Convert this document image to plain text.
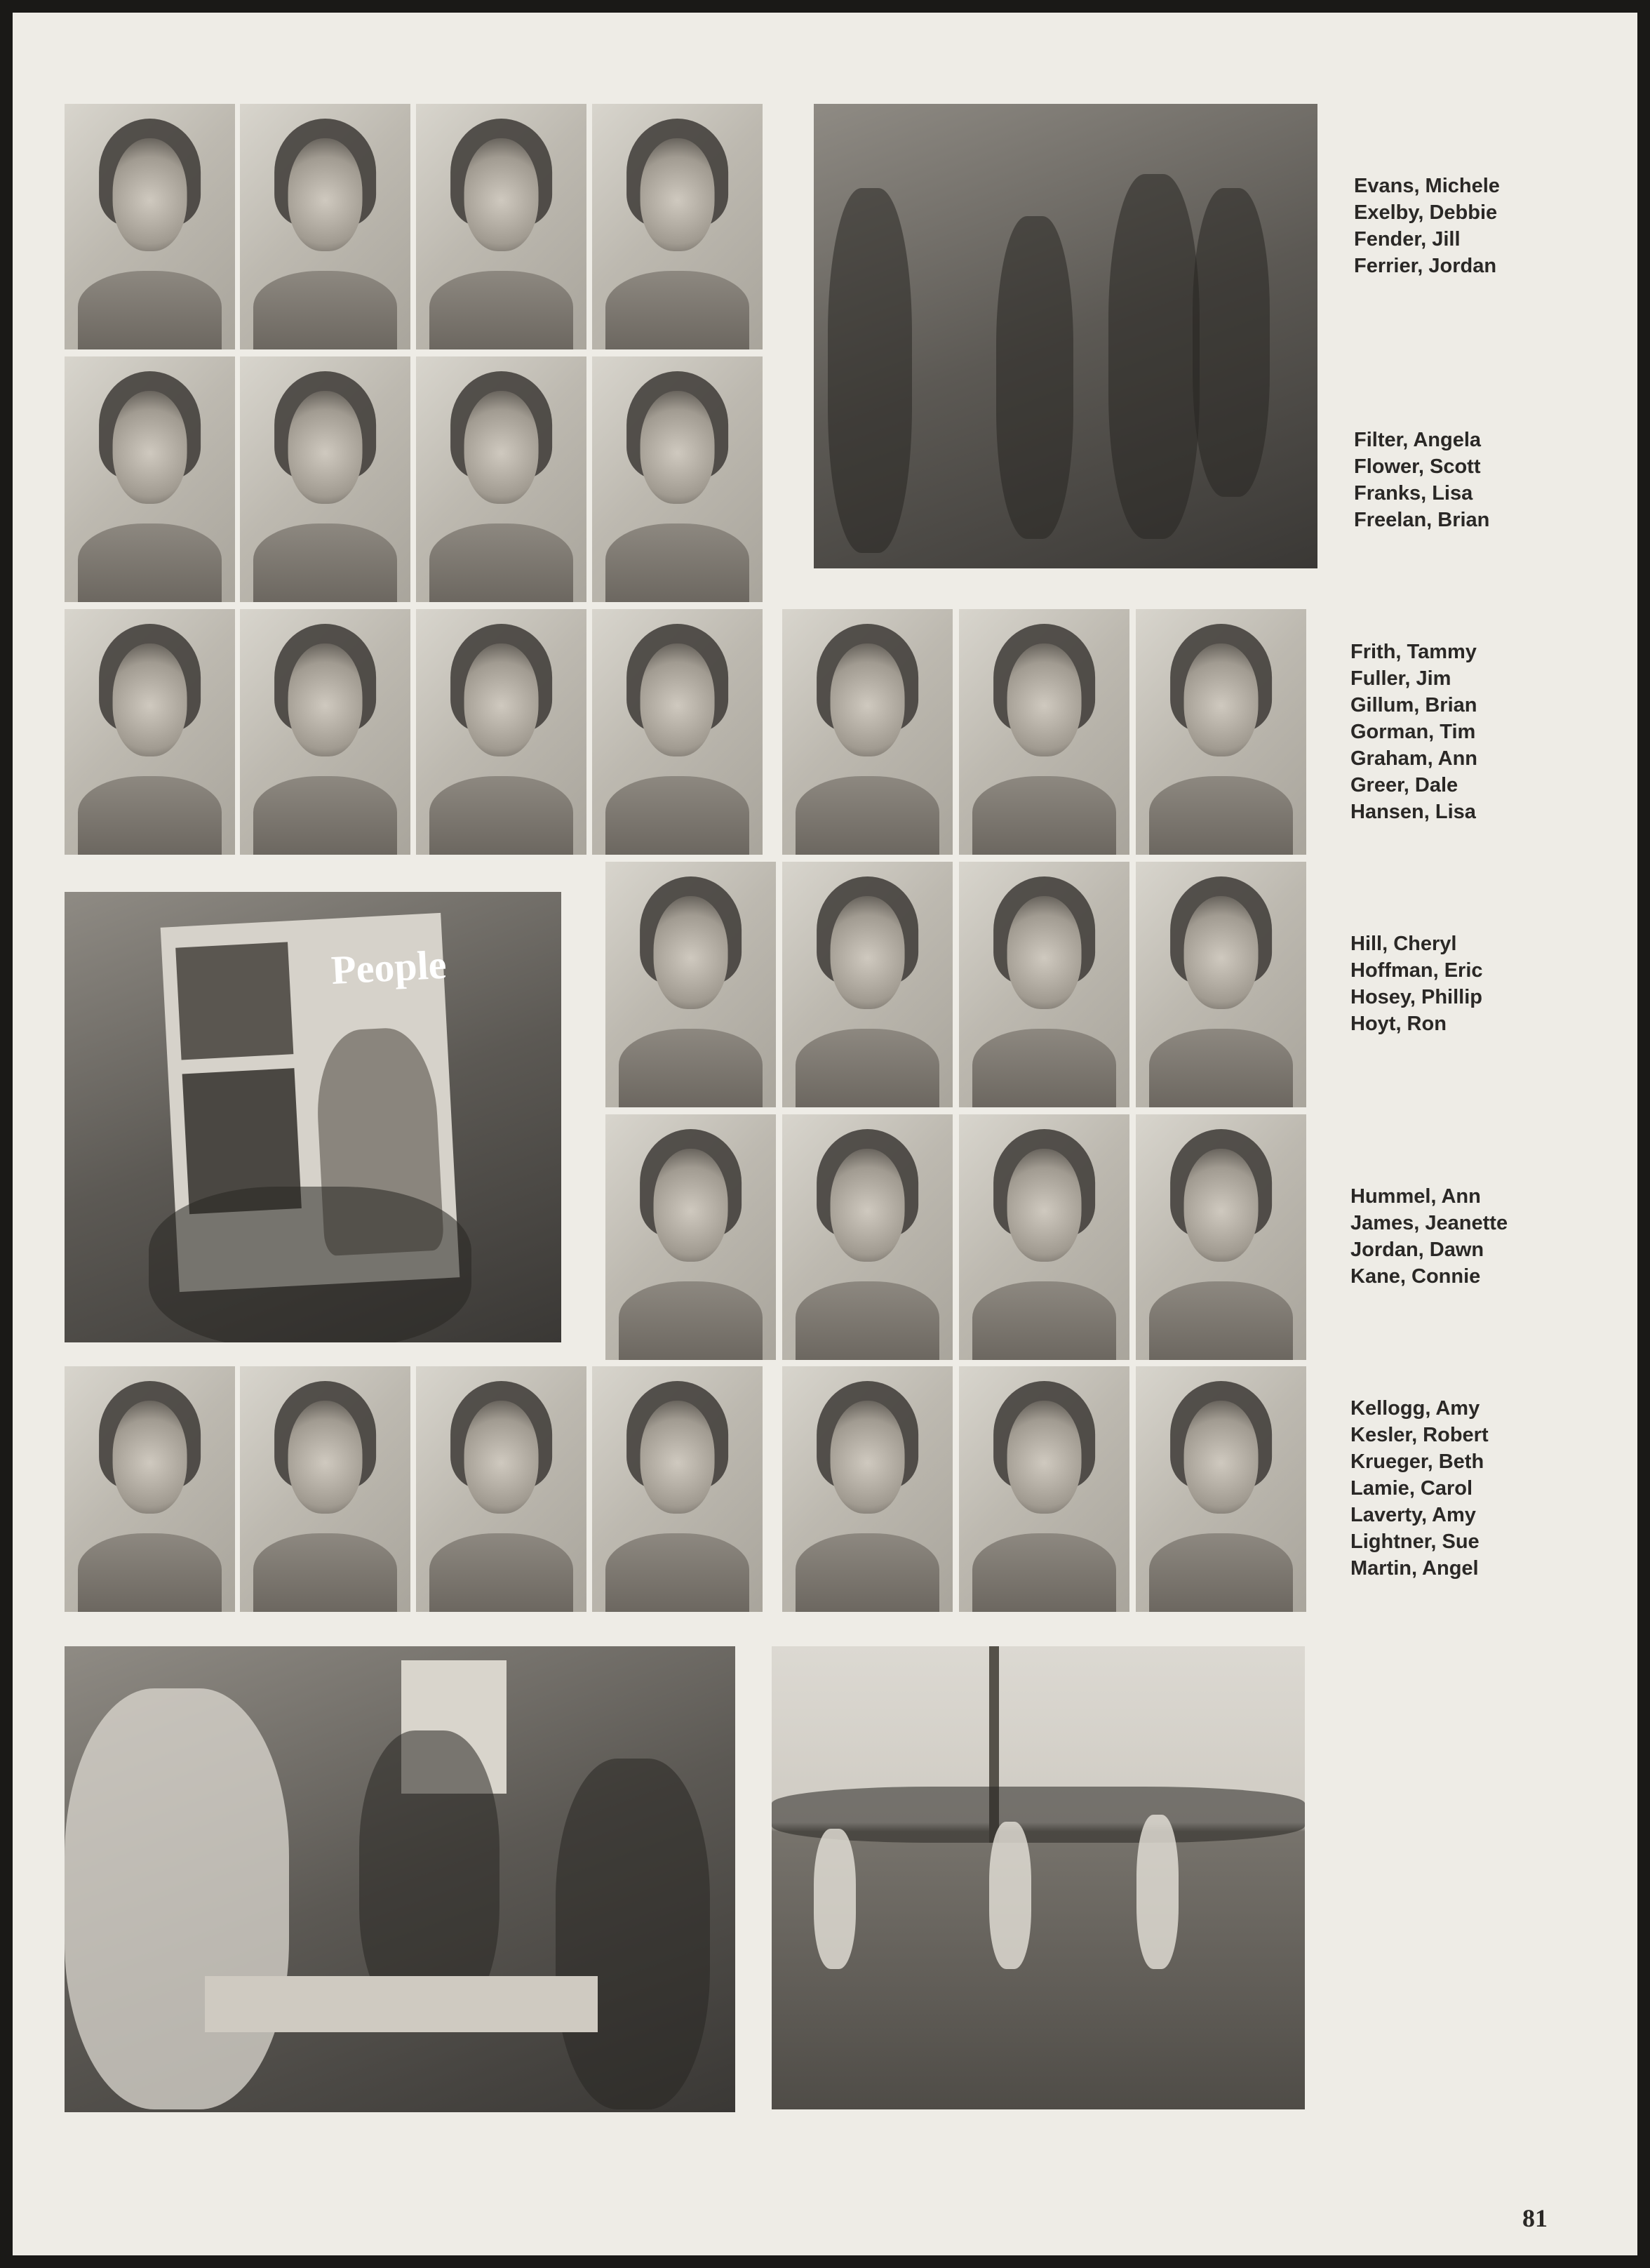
People
Evans, Michele
Exelby, Debbie
Fender, Jill
Ferrier, Jordan
Filter, Angela
Flower, Scott
Franks, Lisa
Freelan, Brian
Frith, Tammy
Fuller, Jim
Gillum, Brian
Gorman, Tim
Graham, Ann
Greer, Dale
Hansen, Lisa
Hill, Cheryl
Hoffman, Eric
Hosey, Phillip
Hoyt, Ron
Hummel, Ann
James, Jeanette
Jordan, Dawn
Kane, Connie
Kellogg, Amy
Kesler, Robert
Krueger, Beth
Lamie, Carol
Laverty, Amy
Lightner, Sue
Martin, Angel
81
